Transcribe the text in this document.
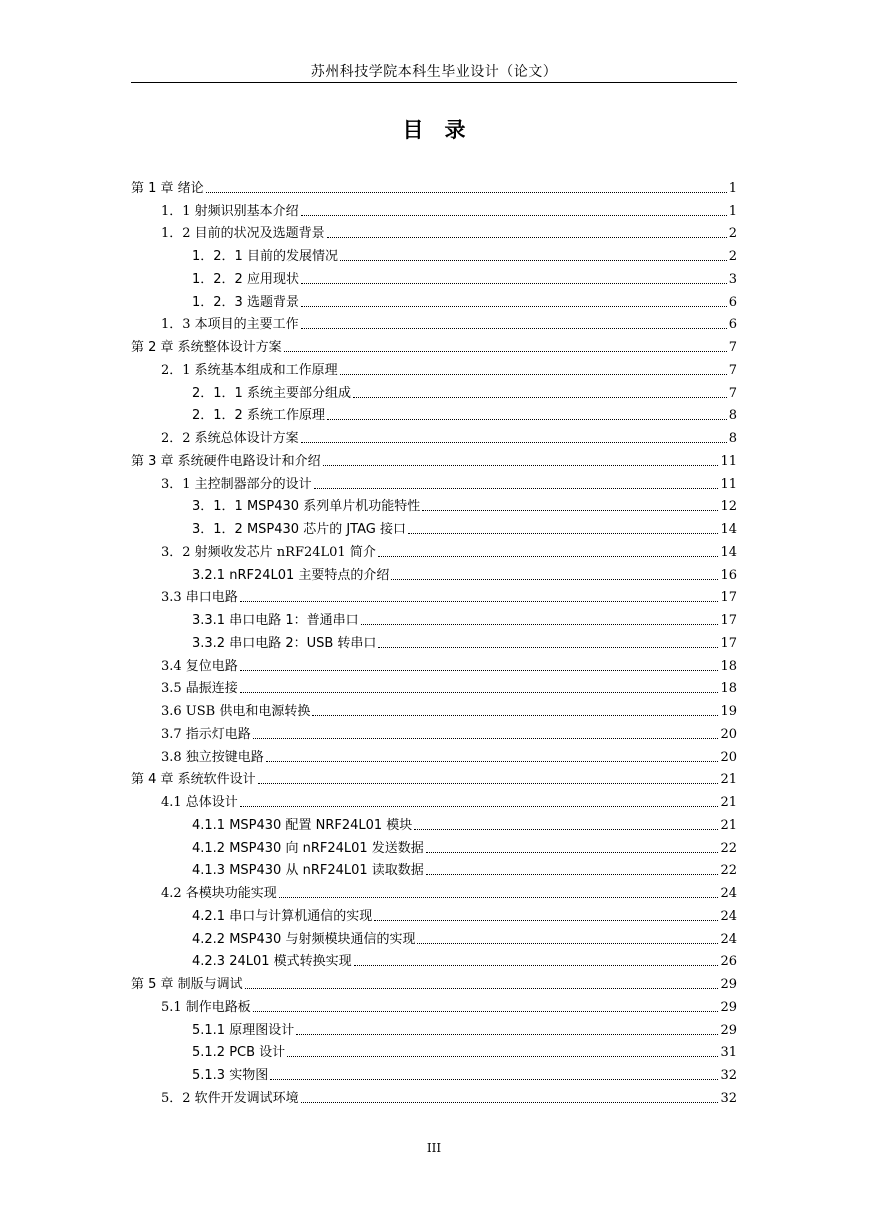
苏州科技学院本科生毕业设计（论文）
目　录
第 1 章 绪论	1
1．1 射频识别基本介绍	1
1．2 目前的状况及选题背景	2
1．2．1 目前的发展情况	2
1．2．2 应用现状	3
1．2．3 选题背景	6
1．3 本项目的主要工作	6
第 2 章 系统整体设计方案	7
2．1 系统基本组成和工作原理	7
2．1．1 系统主要部分组成	7
2．1．2 系统工作原理	8
2．2 系统总体设计方案	8
第 3 章 系统硬件电路设计和介绍	11
3．1 主控制器部分的设计	11
3．1．1 MSP430 系列单片机功能特性	12
3．1．2 MSP430 芯片的 JTAG 接口	14
3．2 射频收发芯片 nRF24L01 简介	14
3.2.1 nRF24L01 主要特点的介绍	16
3.3 串口电路	17
3.3.1 串口电路 1：普通串口	17
3.3.2 串口电路 2：USB 转串口	17
3.4 复位电路	18
3.5 晶振连接	18
3.6 USB 供电和电源转换	19
3.7 指示灯电路	20
3.8 独立按键电路	20
第 4 章 系统软件设计	21
4.1 总体设计	21
4.1.1 MSP430 配置 NRF24L01 模块	21
4.1.2 MSP430 向 nRF24L01 发送数据	22
4.1.3 MSP430 从 nRF24L01 读取数据	22
4.2 各模块功能实现	24
4.2.1 串口与计算机通信的实现	24
4.2.2 MSP430 与射频模块通信的实现	24
4.2.3 24L01 模式转换实现	26
第 5 章 制版与调试	29
5.1 制作电路板	29
5.1.1 原理图设计	29
5.1.2 PCB 设计	31
5.1.3 实物图	32
5．2 软件开发调试环境	32
III
